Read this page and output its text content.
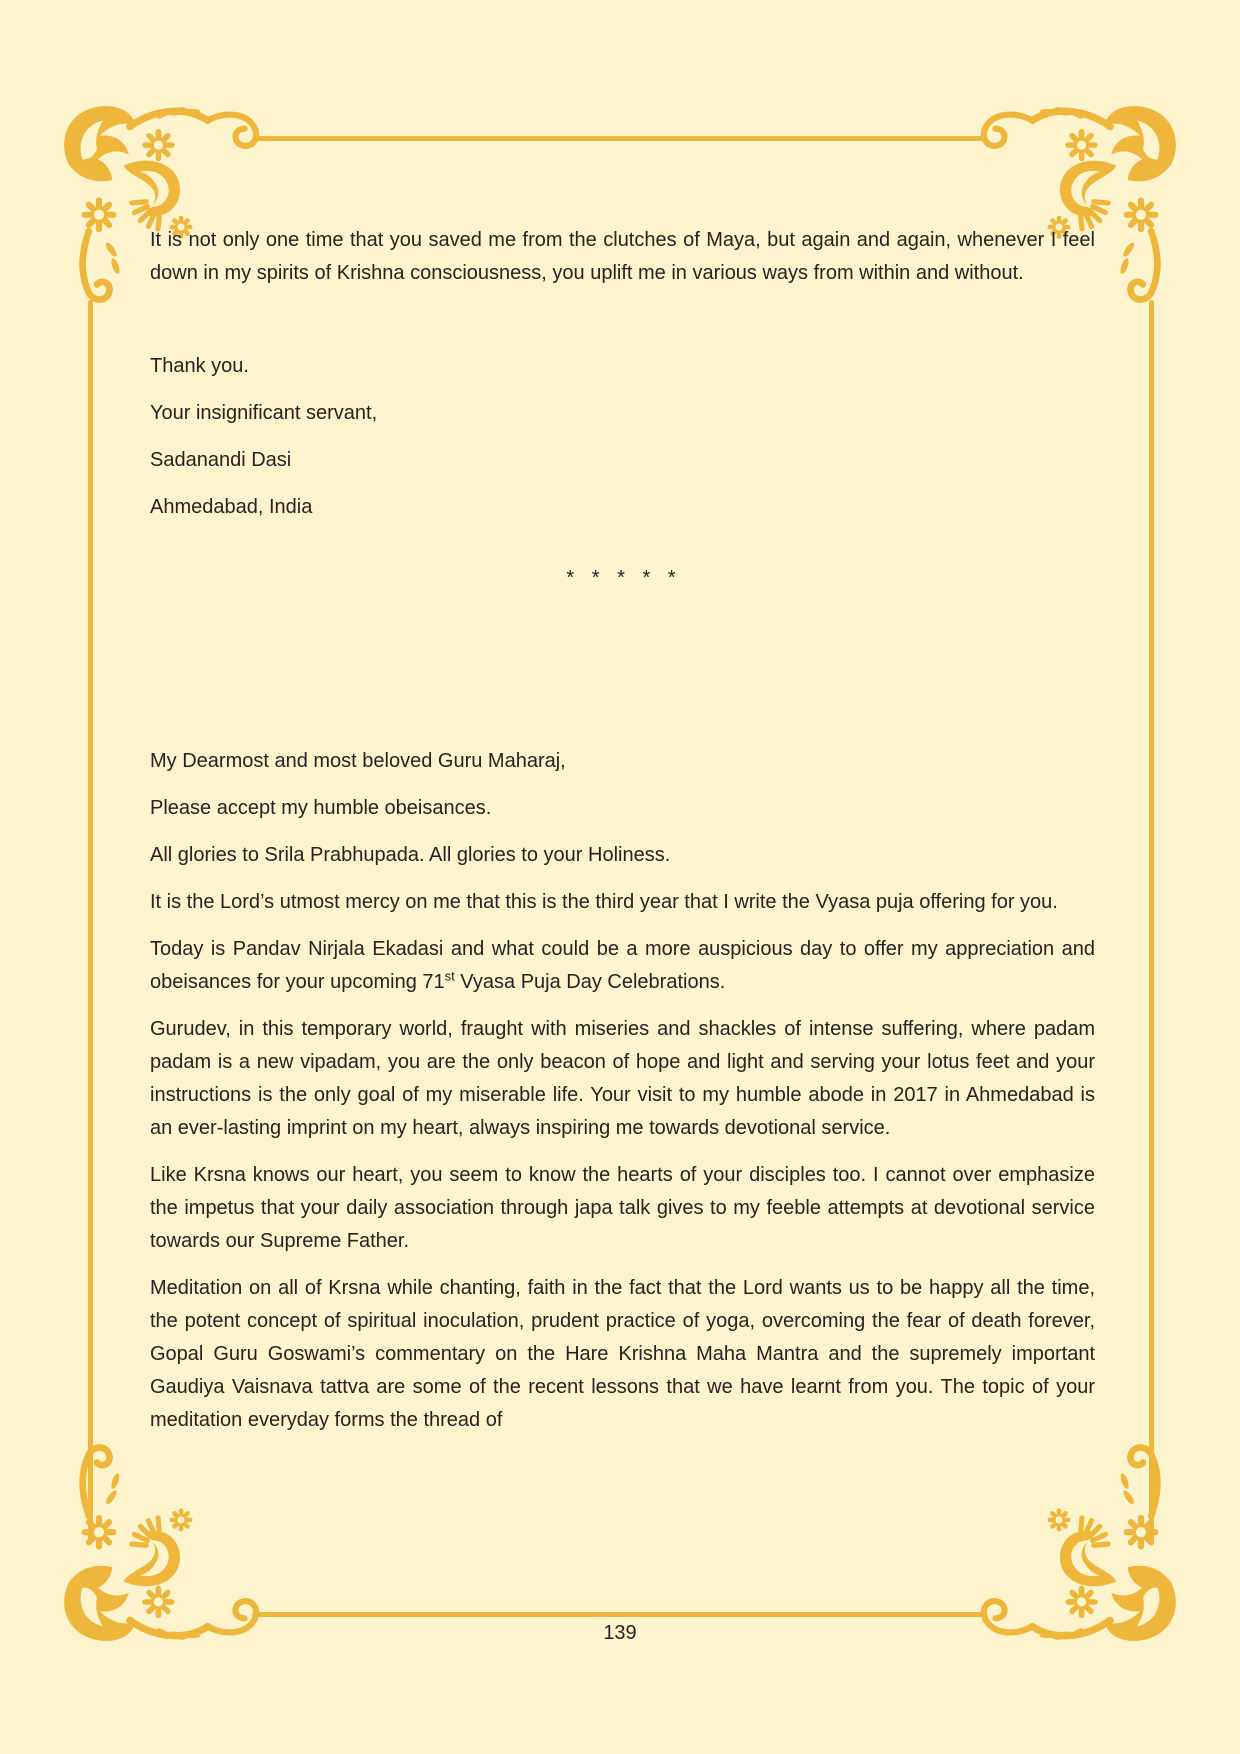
It is not only one time that you saved me from the clutches of Maya, but again and again, whenever I feel down in my spirits of Krishna consciousness, you uplift me in various ways from within and without.

Thank you.

Your insignificant servant,

Sadanandi Dasi

Ahmedabad, India

* * * * *

My Dearmost and most beloved Guru Maharaj,

Please accept my humble obeisances.

All glories to Srila Prabhupada. All glories to your Holiness.

It is the Lord’s utmost mercy on me that this is the third year that I write the Vyasa puja offering for you.

Today is Pandav Nirjala Ekadasi and what could be a more auspicious day to offer my appreciation and obeisances for your upcoming 71st Vyasa Puja Day Celebrations.

Gurudev, in this temporary world, fraught with miseries and shackles of intense suffering, where padam padam is a new vipadam, you are the only beacon of hope and light and serving your lotus feet and your instructions is the only goal of my miserable life. Your visit to my humble abode in 2017 in Ahmedabad is an ever-lasting imprint on my heart, always inspiring me towards devotional service.

Like Krsna knows our heart, you seem to know the hearts of your disciples too. I cannot over emphasize the impetus that your daily association through japa talk gives to my feeble attempts at devotional service towards our Supreme Father.

Meditation on all of Krsna while chanting, faith in the fact that the Lord wants us to be happy all the time, the potent concept of spiritual inoculation, prudent practice of yoga, overcoming the fear of death forever, Gopal Guru Goswami’s commentary on the Hare Krishna Maha Mantra and the supremely important Gaudiya Vaisnava tattva are some of the recent lessons that we have learnt from you. The topic of your meditation everyday forms the thread of

139
